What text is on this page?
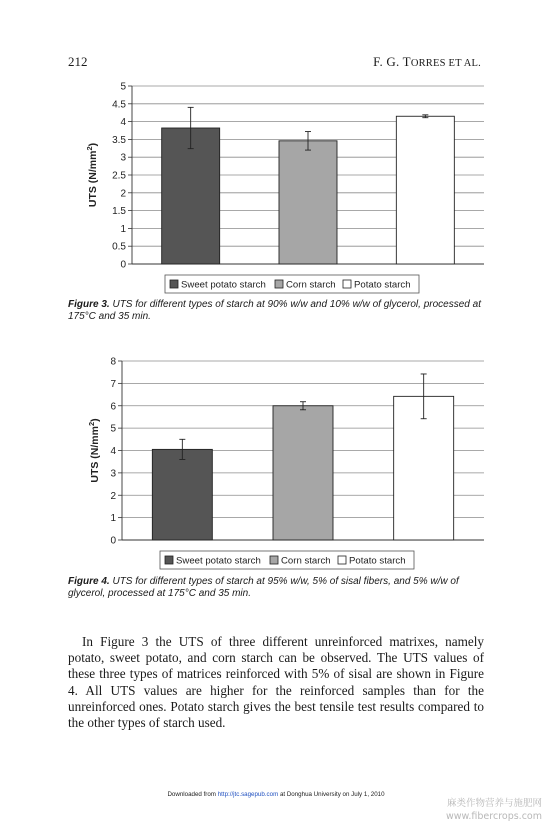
212	F. G. TORRES ET AL.
0
0.5
1
1.5
2
2.5
3
3.5
4
4.5
5
UTS $(N/mm^2)$
Sweet potato starch Corn starch Potato starch
Figure 3. UTS for different types of starch at 90% w/w and 10% w/w of glycerol, processed at 175°C and 35 min.
0
1
2
3
4
5
6
7
8
UTS $(N/mm^2)$
Sweet potato starch Corn starch Potato starch
Figure 4. UTS for different types of starch at 95% w/w, 5% of sisal fibers, and 5% w/w of glycerol, processed at 175°C and 35 min.

In Figure 3 the UTS of three different unreinforced matrixes, namely potato, sweet potato, and corn starch can be observed. The UTS values of these three types of matrices reinforced with 5% of sisal are shown in Figure 4. All UTS values are higher for the reinforced samples than for the unreinforced ones. Potato starch gives the best tensile test results compared to the other types of starch used.

Downloaded from http://jtc.sagepub.com at Donghua University on July 1, 2010
麻类作物营养与施肥网
www.fibercrops.com
